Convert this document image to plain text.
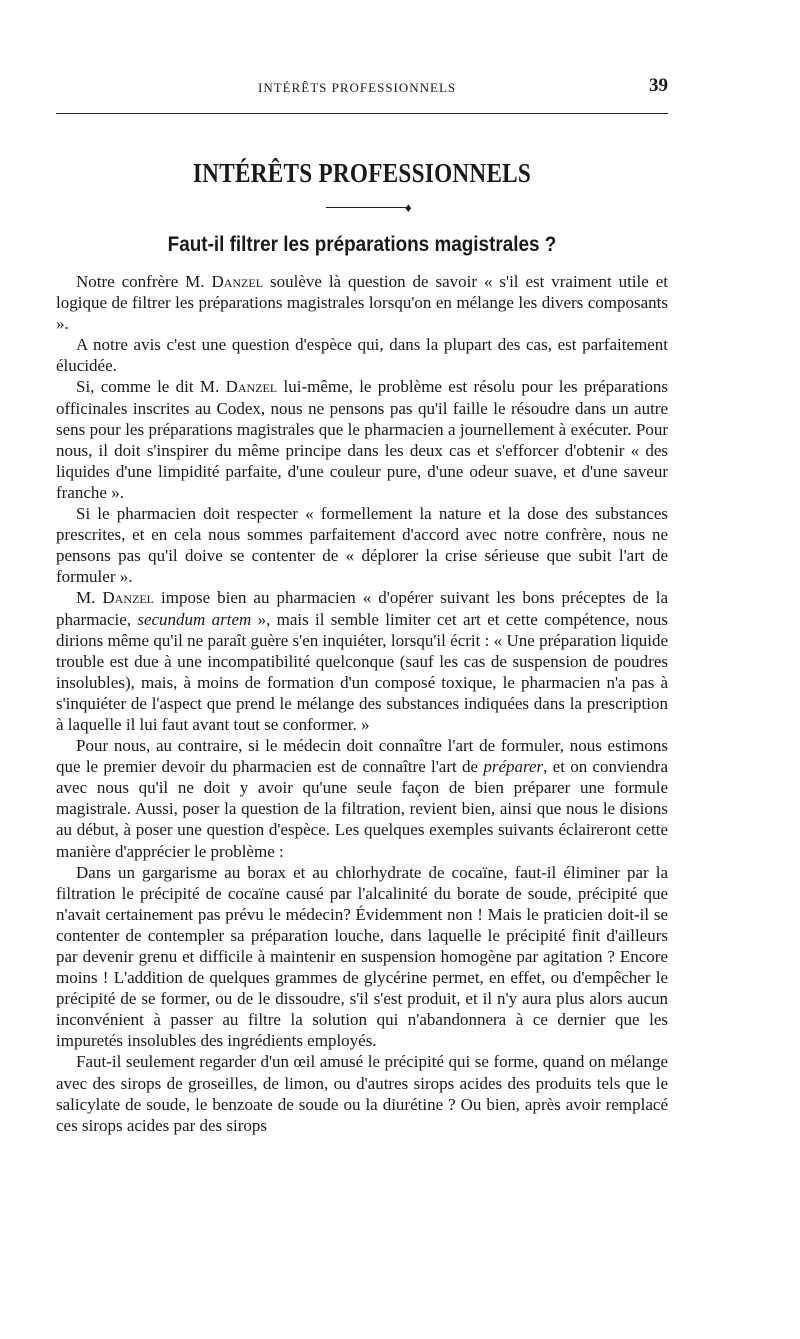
INTÉRÊTS PROFESSIONNELS	39
INTÉRÊTS PROFESSIONNELS
♦
Faut-il filtrer les préparations magistrales ?

Notre confrère M. Danzel soulève là question de savoir « s'il est vraiment utile et logique de filtrer les préparations magistrales lorsqu'on en mélange les divers composants ».

A notre avis c'est une question d'espèce qui, dans la plupart des cas, est parfaitement élucidée.

Si, comme le dit M. Danzel lui-même, le problème est résolu pour les préparations officinales inscrites au Codex, nous ne pensons pas qu'il faille le résoudre dans un autre sens pour les préparations magistrales que le pharmacien a journellement à exécuter. Pour nous, il doit s'inspirer du même principe dans les deux cas et s'efforcer d'obtenir « des liquides d'une limpidité parfaite, d'une couleur pure, d'une odeur suave, et d'une saveur franche ».

Si le pharmacien doit respecter « formellement la nature et la dose des substances prescrites, et en cela nous sommes parfaitement d'accord avec notre confrère, nous ne pensons pas qu'il doive se contenter de « déplorer la crise sérieuse que subit l'art de formuler ».

M. Danzel impose bien au pharmacien « d'opérer suivant les bons préceptes de la pharmacie, secundum artem », mais il semble limiter cet art et cette compétence, nous dirions même qu'il ne paraît guère s'en inquiéter, lorsqu'il écrit : « Une préparation liquide trouble est due à une incompatibilité quelconque (sauf les cas de suspension de poudres insolubles), mais, à moins de formation d'un composé toxique, le pharmacien n'a pas à s'inquiéter de l'aspect que prend le mélange des substances indiquées dans la prescription à laquelle il lui faut avant tout se conformer. »

Pour nous, au contraire, si le médecin doit connaître l'art de formuler, nous estimons que le premier devoir du pharmacien est de connaître l'art de préparer, et on conviendra avec nous qu'il ne doit y avoir qu'une seule façon de bien préparer une formule magistrale. Aussi, poser la question de la filtration, revient bien, ainsi que nous le disions au début, à poser une question d'espèce. Les quelques exemples suivants éclaireront cette manière d'apprécier le problème :

Dans un gargarisme au borax et au chlorhydrate de cocaïne, faut-il éliminer par la filtration le précipité de cocaïne causé par l'alcalinité du borate de soude, précipité que n'avait certainement pas prévu le médecin? Évidemment non ! Mais le praticien doit-il se contenter de contempler sa préparation louche, dans laquelle le précipité finit d'ailleurs par devenir grenu et difficile à maintenir en suspension homogène par agitation ? Encore moins ! L'addition de quelques grammes de glycérine permet, en effet, ou d'empêcher le précipité de se former, ou de le dissoudre, s'il s'est produit, et il n'y aura plus alors aucun inconvénient à passer au filtre la solution qui n'abandonnera à ce dernier que les impuretés insolubles des ingrédients employés.

Faut-il seulement regarder d'un œil amusé le précipité qui se forme, quand on mélange avec des sirops de groseilles, de limon, ou d'autres sirops acides des produits tels que le salicylate de soude, le benzoate de soude ou la diurétine ? Ou bien, après avoir remplacé ces sirops acides par des sirops
